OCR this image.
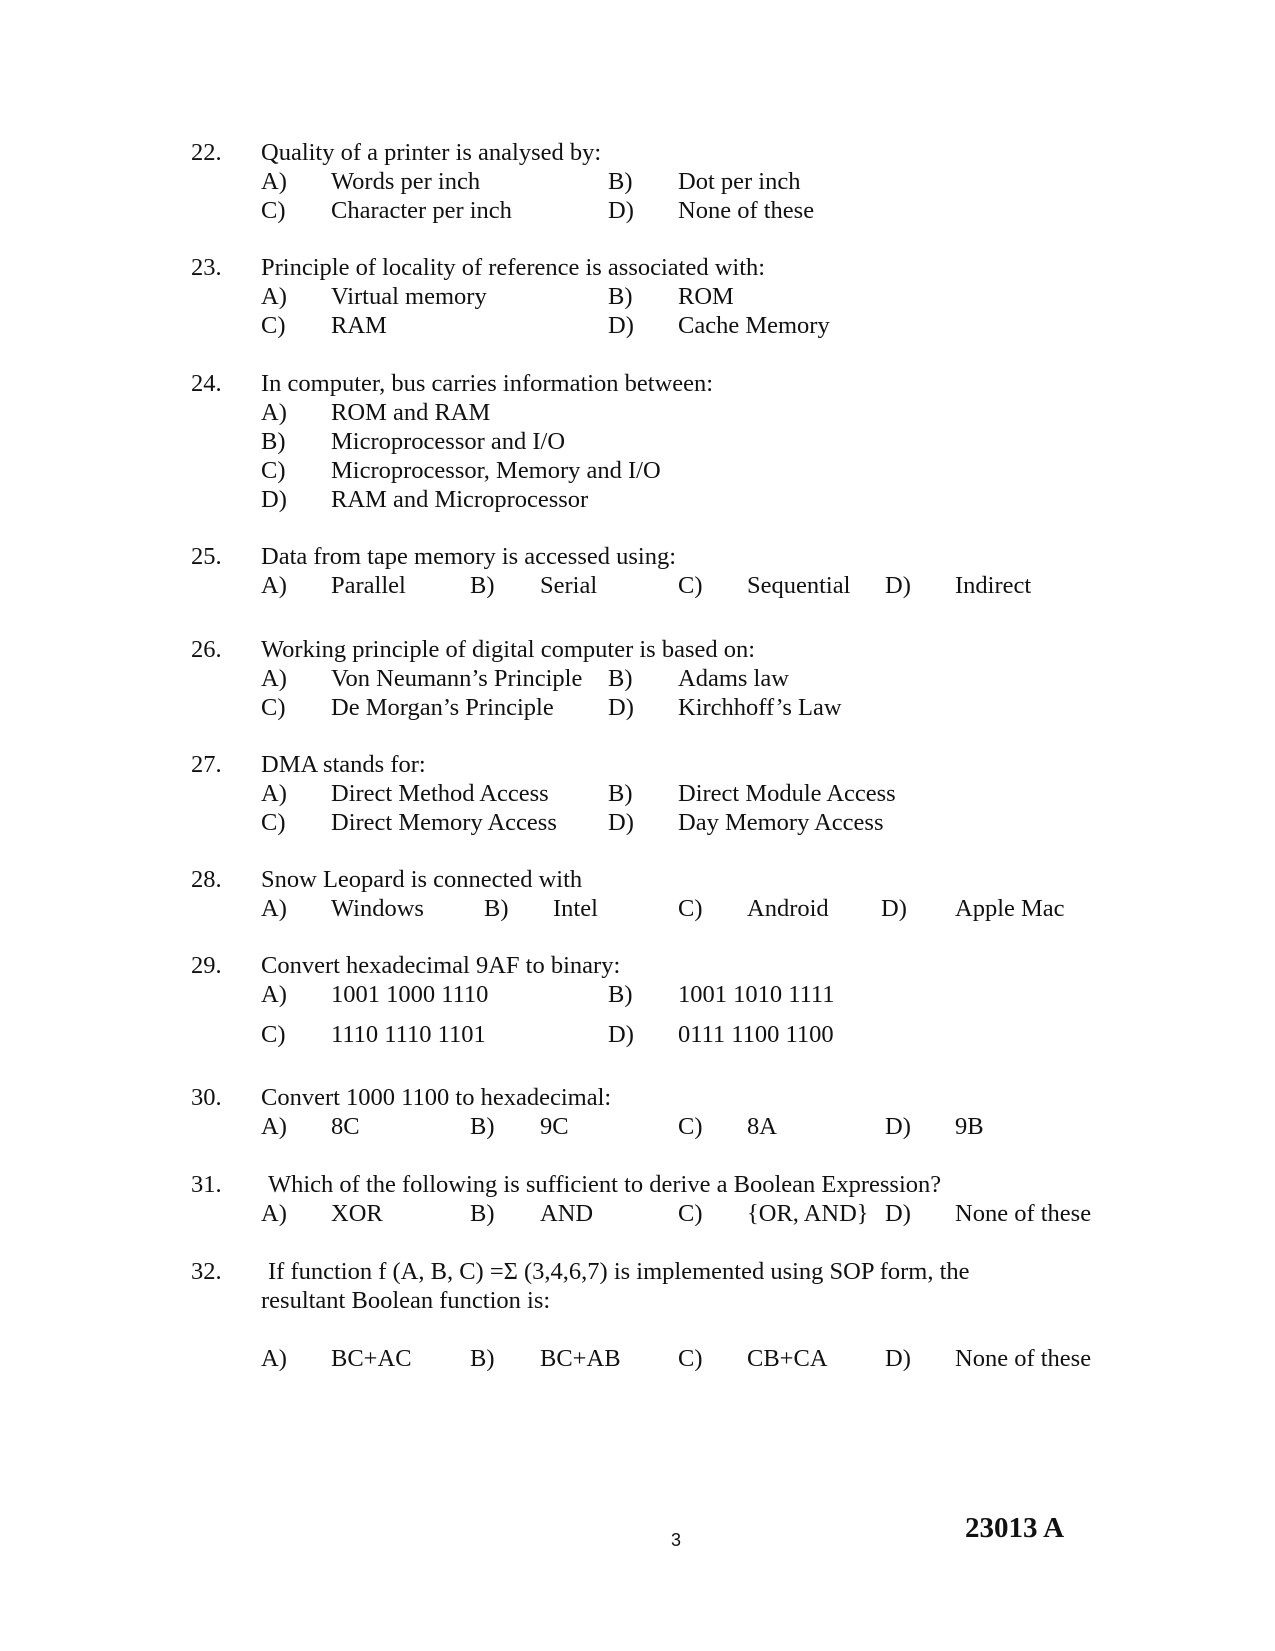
22. Quality of a printer is analysed by:
A) Words per inch	B) Dot per inch
C) Character per inch	D) None of these
23. Principle of locality of reference is associated with:
A) Virtual memory	B) ROM
C) RAM	D) Cache Memory
24. In computer, bus carries information between:
A) ROM and RAM
B) Microprocessor and I/O
C) Microprocessor, Memory and I/O
D) RAM and Microprocessor
25. Data from tape memory is accessed using:
A) Parallel	B) Serial	C) Sequential D) Indirect
26. Working principle of digital computer is based on:
A) Von Neumann’s Principle B) Adams law
C) De Morgan’s Principle D) Kirchhoff’s Law
27. DMA stands for:
A) Direct Method Access B) Direct Module Access
C) Direct Memory Access D) Day Memory Access
28. Snow Leopard is connected with
A) Windows B) Intel	C) Android D) Apple Mac
29. Convert hexadecimal 9AF to binary:
A) 1001 1000 1110	B) 1001 1010 1111
C) 1110 1110 1101	D) 0111 1100 1100
30. Convert 1000 1100 to hexadecimal:
A) 8C	B) 9C	C) 8A	D) 9B
31. Which of the following is sufficient to derive a Boolean Expression?
A) XOR	B) AND	C) {OR, AND} D) None of these
32. If function f (A, B, C) =Σ (3,4,6,7) is implemented using SOP form, the
resultant Boolean function is:
A) BC+AC B) BC+AB C) CB+CA D) None of these
3	23013 A
